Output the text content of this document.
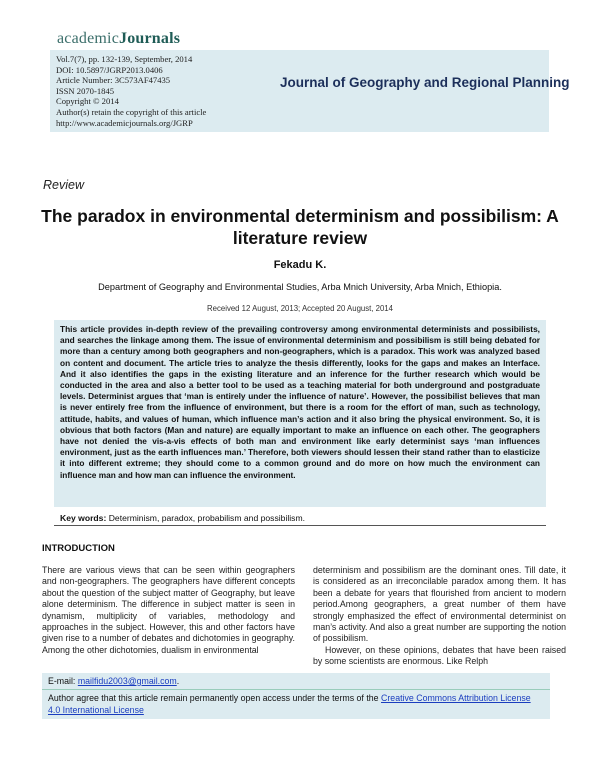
academicJournals
Vol.7(7), pp. 132-139, September, 2014
DOI: 10.5897/JGRP2013.0406
Article Number: 3C573AF47435
ISSN 2070-1845
Copyright © 2014
Author(s) retain the copyright of this article
http://www.academicjournals.org/JGRP
Journal of Geography and Regional Planning
Review
The paradox in environmental determinism and possibilism: A literature review
Fekadu K.
Department of Geography and Environmental Studies, Arba Mnich University, Arba Mnich, Ethiopia.
Received 12 August, 2013; Accepted 20 August, 2014
This article provides in-depth review of the prevailing controversy among environmental determinists and possibilists, and searches the linkage among them. The issue of environmental determinism and possibilism is still being debated for more than a century among both geographers and non-geographers, which is a paradox. This work was analyzed based on content and document. The article tries to analyze the thesis differently, looks for the gaps and makes an Interface. And it also identifies the gaps in the existing literature and an inference for the further research which would be conducted in the area and also a better tool to be used as a teaching material for both underground and postgraduate levels. Determinist argues that ‘man is entirely under the influence of nature’. However, the possibilist believes that man is never entirely free from the influence of environment, but there is a room for the effort of man, such as technology, attitude, habits, and values of human, which influence man’s action and it also bring the physical environment. So, it is obvious that both factors (Man and nature) are equally important to make an influence on each other. The geographers have not denied the vis-a-vis effects of both man and environment like early determinist says ‘man influences environment, just as the earth influences man.’ Therefore, both viewers should lessen their stand rather than to elasticize it into different extreme; they should come to a common ground and do more on how much the environment can influence man and how man can influence the environment.
Key words: Determinism, paradox, probabilism and possibilism.
INTRODUCTION

There are various views that can be seen within geographers and non-geographers. The geographers have different concepts about the question of the subject matter of Geography, but leave alone determinism. The difference in subject matter is seen in dynamism, multiplicity of variables, methodology and approaches in the subject. However, this and other factors have given rise to a number of debates and dichotomies in geography. Among the other dichotomies, dualism in environmental

determinism and possibilism are the dominant ones. Till date, it is considered as an irreconcilable paradox among them. It has been a debate for years that flourished from ancient to modern period.Among geographers, a great number of them have strongly emphasized the effect of environmental determinist on man’s activity. And also a great number are supporting the notion of possibilism.

However, on these opinions, debates that have been raised by some scientists are enormous. Like Relph

E-mail: mailfidu2003@gmail.com.
Author agree that this article remain permanently open access under the terms of the Creative Commons Attribution License 4.0 International License
